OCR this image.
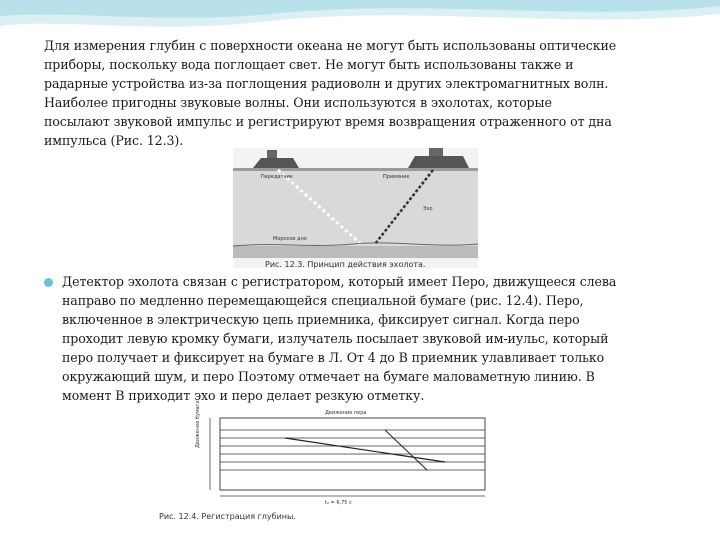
Для измерения глубин с поверхности океана не могут быть использованы оптические
приборы, поскольку вода поглощает свет. Не могут быть использованы также и
радарные устройства из-за поглощения радиоволн и других электромагнитных волн.
Наиболее пригодны звуковые волны. Они используются в эхолотах, которые
посылают звуковой импульс и регистрируют время возвращения отраженного от дна
импульса (Рис. 12.3).
Передатчик	Приемник
Эхо
Морское дно
Рис. 12.3. Принцип действия эхолота.
Детектор эхолота связан с регистратором, который имеет Перо, движущееся слева
направо по медленно перемещающейся специальной бумаге (рис. 12.4). Перо,
включенное в электрическую цепь приемника, фиксирует сигнал. Когда перо
проходит левую кромку бумаги, излучатель посылает звуковой им-иульс, который
перо получает и фиксирует на бумаге в Л. От 4 до В приемник улавливает только
окружающий шум, и перо Поэтому отмечает на бумаге маловаметную линию. В
момент В приходит эхо и перо делает резкую отметку.
Движение пера
Движение бумаги
t₂ = 6,75 с
Рис. 12.4. Регистрация глубины.
